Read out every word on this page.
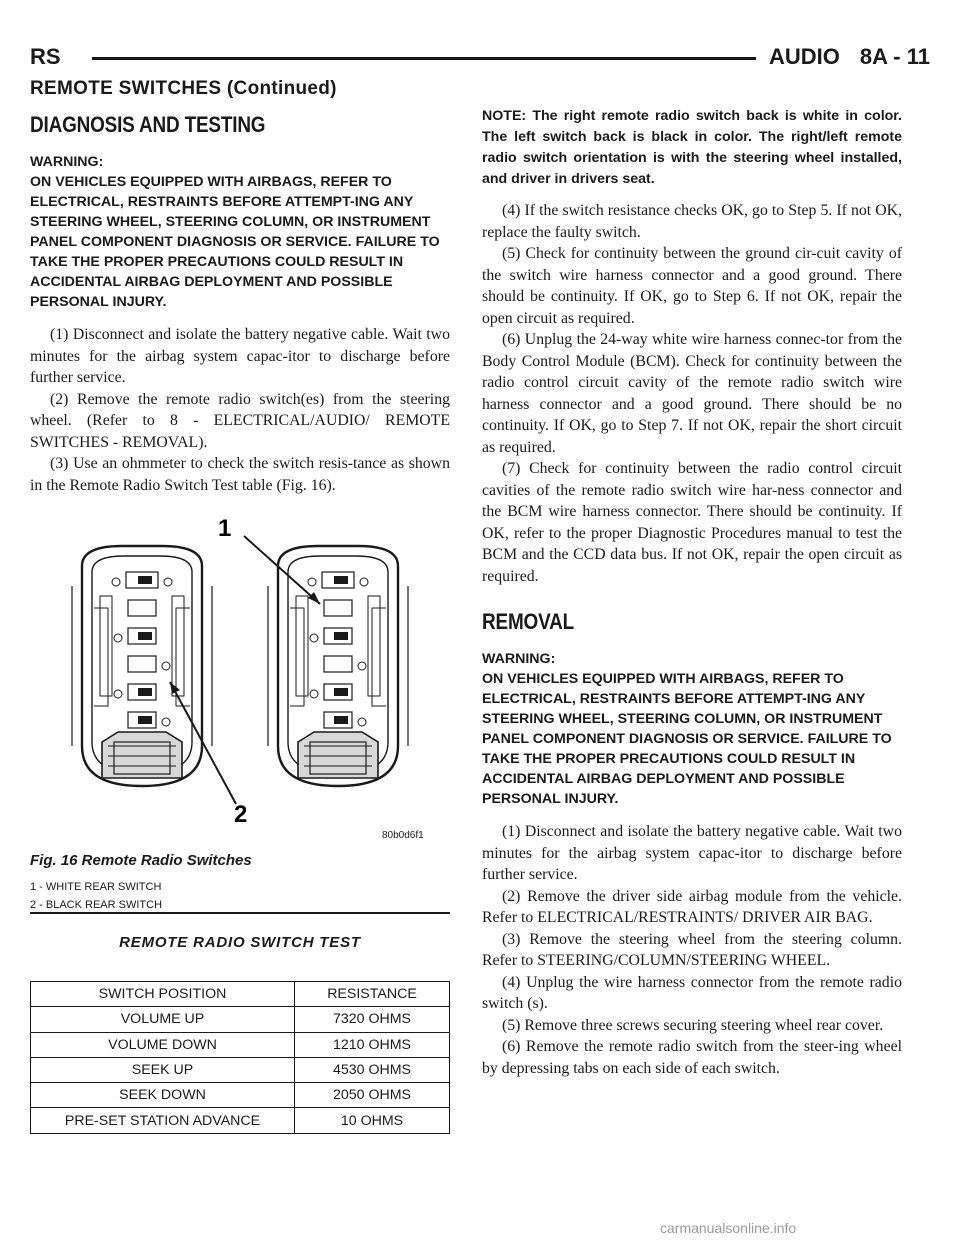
RS	AUDIO 8A - 11
REMOTE SWITCHES (Continued)
DIAGNOSIS AND TESTING
WARNING:
ON VEHICLES EQUIPPED WITH AIRBAGS, REFER TO ELECTRICAL, RESTRAINTS BEFORE ATTEMPT-ING ANY STEERING WHEEL, STEERING COLUMN, OR INSTRUMENT PANEL COMPONENT DIAGNOSIS OR SERVICE. FAILURE TO TAKE THE PROPER PRECAUTIONS COULD RESULT IN ACCIDENTAL AIRBAG DEPLOYMENT AND POSSIBLE PERSONAL INJURY.

(1) Disconnect and isolate the battery negative cable. Wait two minutes for the airbag system capac-itor to discharge before further service.

(2) Remove the remote radio switch(es) from the steering wheel. (Refer to 8 - ELECTRICAL/AUDIO/ REMOTE SWITCHES - REMOVAL).

(3) Use an ohmmeter to check the switch resis-tance as shown in the Remote Radio Switch Test table (Fig. 16).

1
2
80b0d6f1
Fig. 16 Remote Radio Switches
1 - WHITE REAR SWITCH
2 - BLACK REAR SWITCH
REMOTE RADIO SWITCH TEST
SWITCH POSITION	RESISTANCE
VOLUME UP	7320 OHMS
VOLUME DOWN	1210 OHMS
SEEK UP	4530 OHMS
SEEK DOWN	2050 OHMS
PRE-SET STATION ADVANCE	10 OHMS
NOTE: The right remote radio switch back is white in color. The left switch back is black in color. The right/left remote radio switch orientation is with the steering wheel installed, and driver in drivers seat.

(4) If the switch resistance checks OK, go to Step 5. If not OK, replace the faulty switch.

(5) Check for continuity between the ground cir-cuit cavity of the switch wire harness connector and a good ground. There should be continuity. If OK, go to Step 6. If not OK, repair the open circuit as required.

(6) Unplug the 24-way white wire harness connec-tor from the Body Control Module (BCM). Check for continuity between the radio control circuit cavity of the remote radio switch wire harness connector and a good ground. There should be no continuity. If OK, go to Step 7. If not OK, repair the short circuit as required.

(7) Check for continuity between the radio control circuit cavities of the remote radio switch wire har-ness connector and the BCM wire harness connector. There should be continuity. If OK, refer to the proper Diagnostic Procedures manual to test the BCM and the CCD data bus. If not OK, repair the open circuit as required.

REMOVAL
WARNING:
ON VEHICLES EQUIPPED WITH AIRBAGS, REFER TO ELECTRICAL, RESTRAINTS BEFORE ATTEMPT-ING ANY STEERING WHEEL, STEERING COLUMN, OR INSTRUMENT PANEL COMPONENT DIAGNOSIS OR SERVICE. FAILURE TO TAKE THE PROPER PRECAUTIONS COULD RESULT IN ACCIDENTAL AIRBAG DEPLOYMENT AND POSSIBLE PERSONAL INJURY.

(1) Disconnect and isolate the battery negative cable. Wait two minutes for the airbag system capac-itor to discharge before further service.

(2) Remove the driver side airbag module from the vehicle. Refer to ELECTRICAL/RESTRAINTS/ DRIVER AIR BAG.

(3) Remove the steering wheel from the steering column. Refer to STEERING/COLUMN/STEERING WHEEL.

(4) Unplug the wire harness connector from the remote radio switch (s).

(5) Remove three screws securing steering wheel rear cover.

(6) Remove the remote radio switch from the steer-ing wheel by depressing tabs on each side of each switch.

carmanualsonline.info
